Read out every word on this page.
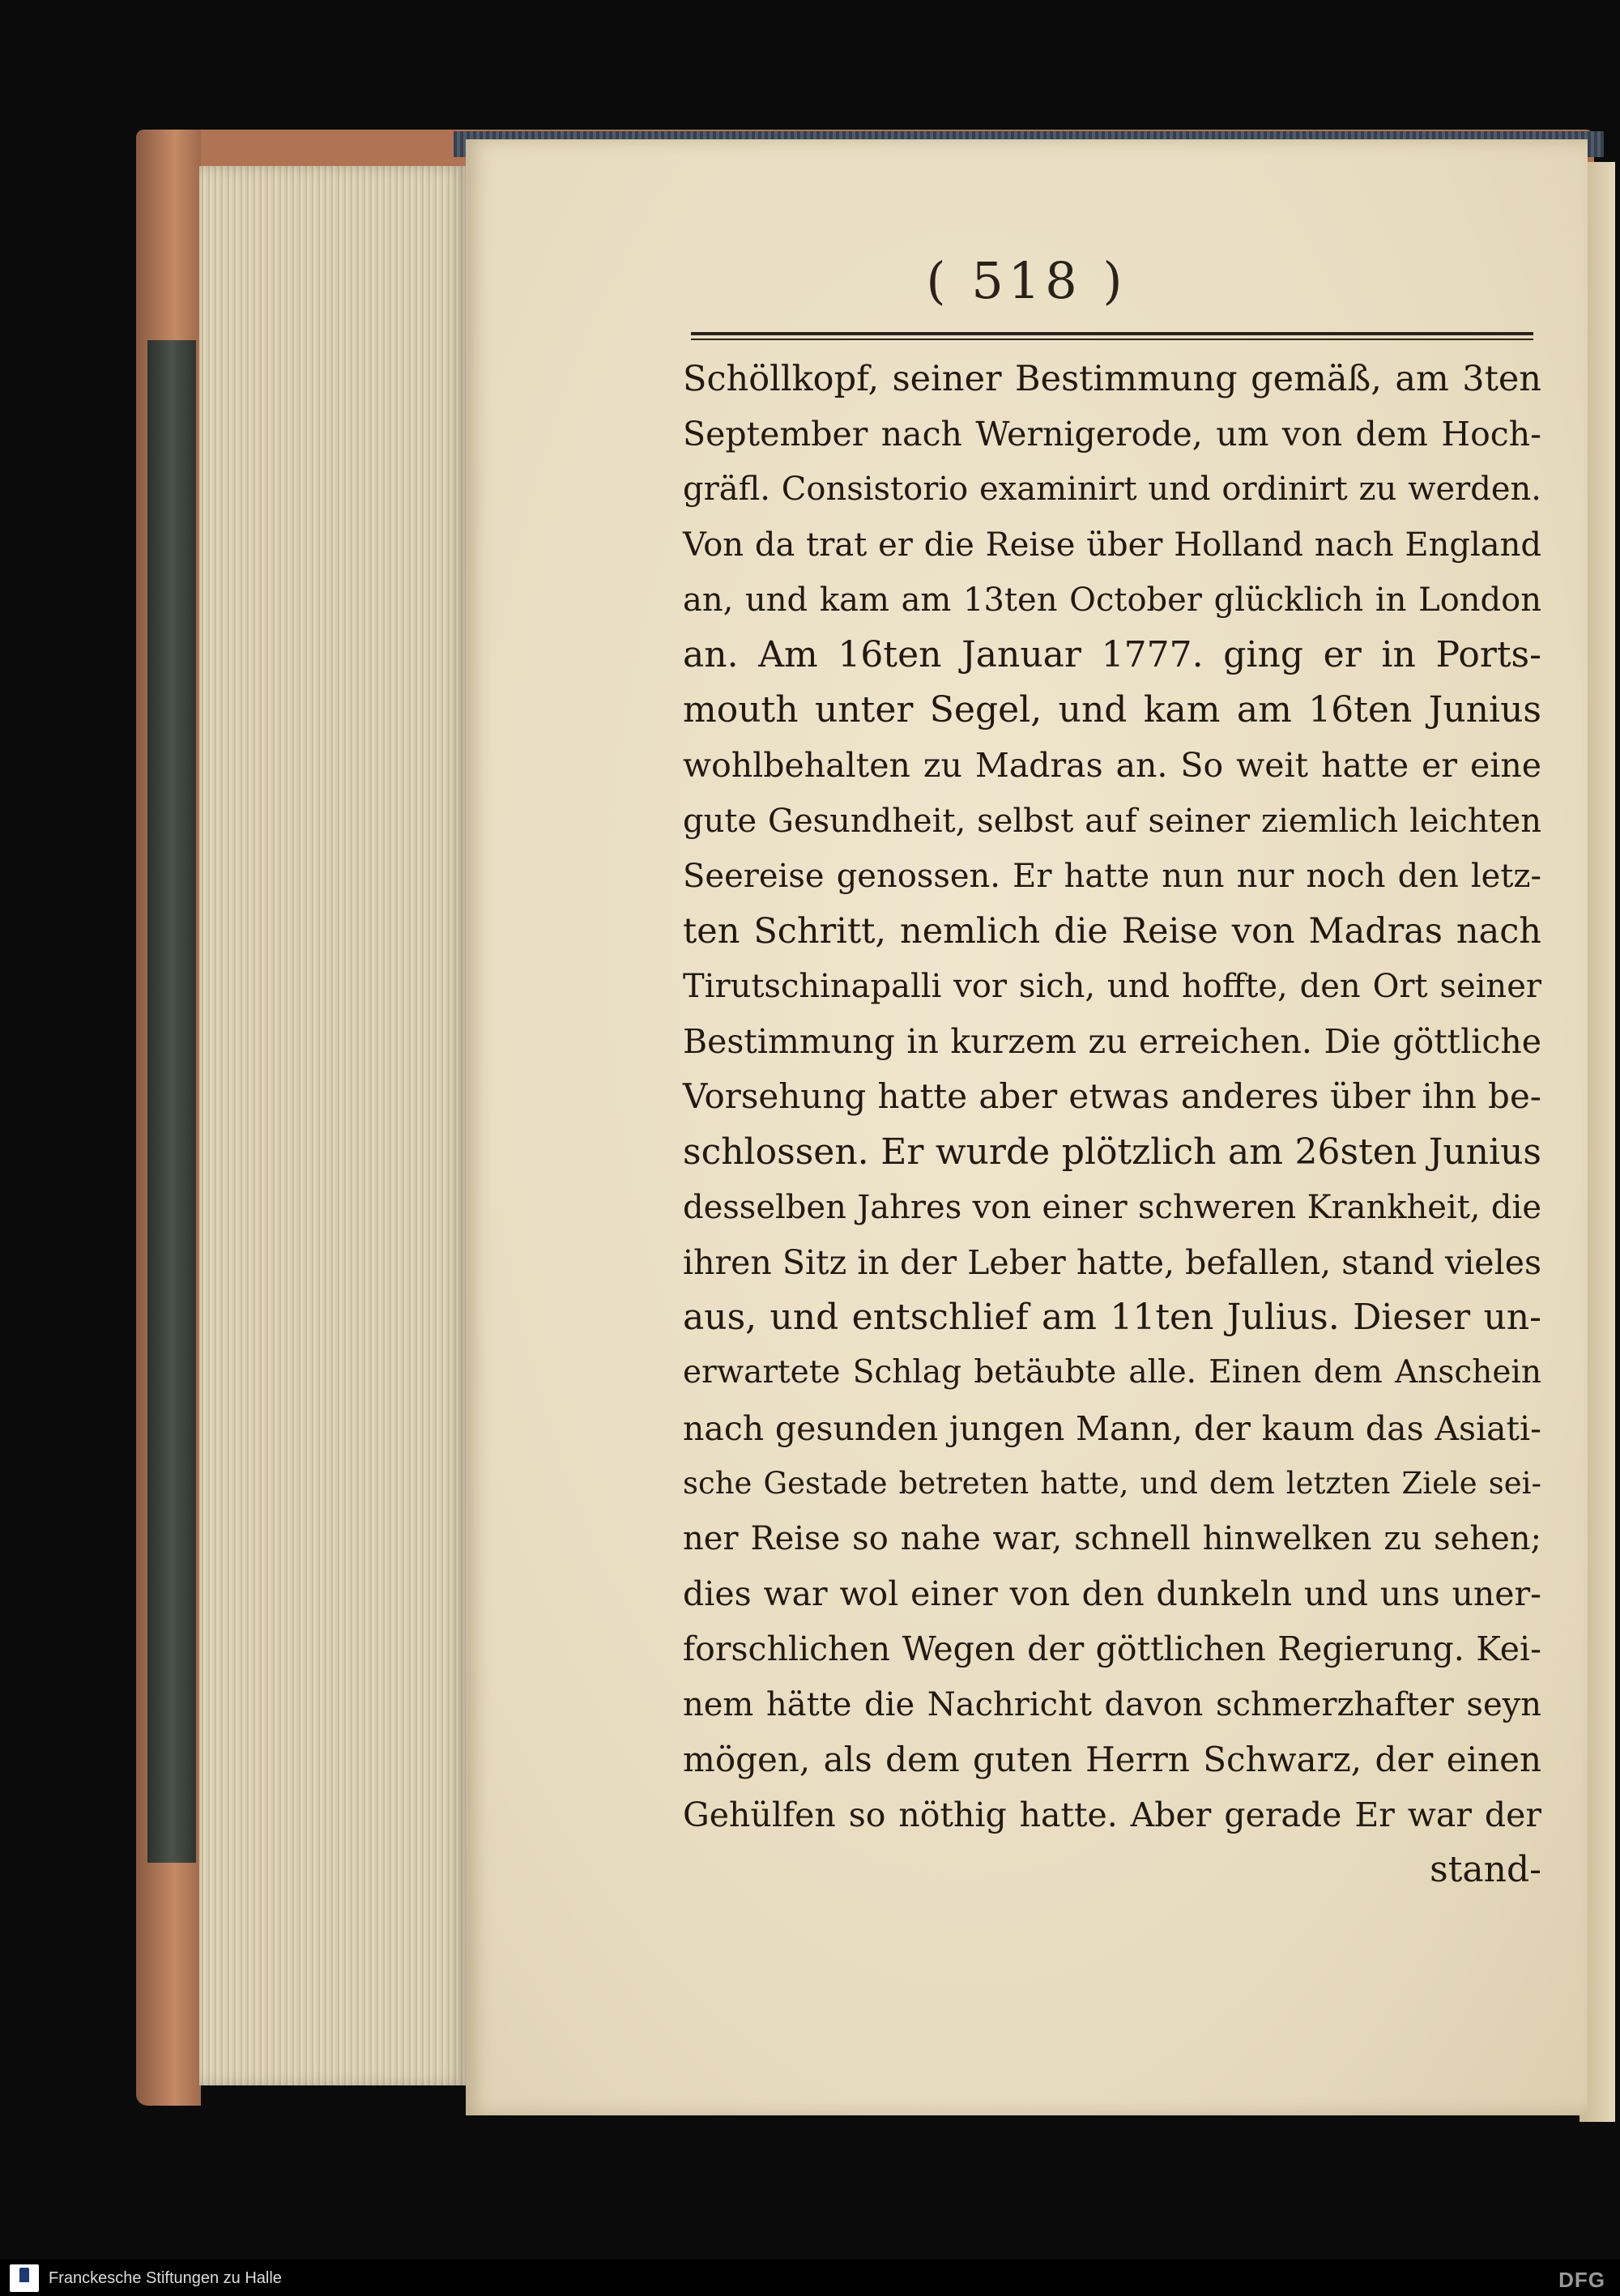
( 518 )
Schöllkopf, seiner Bestimmung gemäß, am 3ten
September nach Wernigerode, um von dem Hoch-
gräfl. Consistorio examinirt und ordinirt zu werden.
Von da trat er die Reise über Holland nach England
an, und kam am 13ten October glücklich in London
an. Am 16ten Januar 1777. ging er in Ports-
mouth unter Segel, und kam am 16ten Junius
wohlbehalten zu Madras an. So weit hatte er eine
gute Gesundheit, selbst auf seiner ziemlich leichten
Seereise genossen. Er hatte nun nur noch den letz-
ten Schritt, nemlich die Reise von Madras nach
Tirutschinapalli vor sich, und hoffte, den Ort seiner
Bestimmung in kurzem zu erreichen. Die göttliche
Vorsehung hatte aber etwas anderes über ihn be-
schlossen. Er wurde plötzlich am 26sten Junius
desselben Jahres von einer schweren Krankheit, die
ihren Sitz in der Leber hatte, befallen, stand vieles
aus, und entschlief am 11ten Julius. Dieser un-
erwartete Schlag betäubte alle. Einen dem Anschein
nach gesunden jungen Mann, der kaum das Asiati-
sche Gestade betreten hatte, und dem letzten Ziele sei-
ner Reise so nahe war, schnell hinwelken zu sehen;
dies war wol einer von den dunkeln und uns uner-
forschlichen Wegen der göttlichen Regierung. Kei-
nem hätte die Nachricht davon schmerzhafter seyn
mögen, als dem guten Herrn Schwarz, der einen
Gehülfen so nöthig hatte. Aber gerade Er war der
stand-
Franckesche Stiftungen zu Halle	DFG
